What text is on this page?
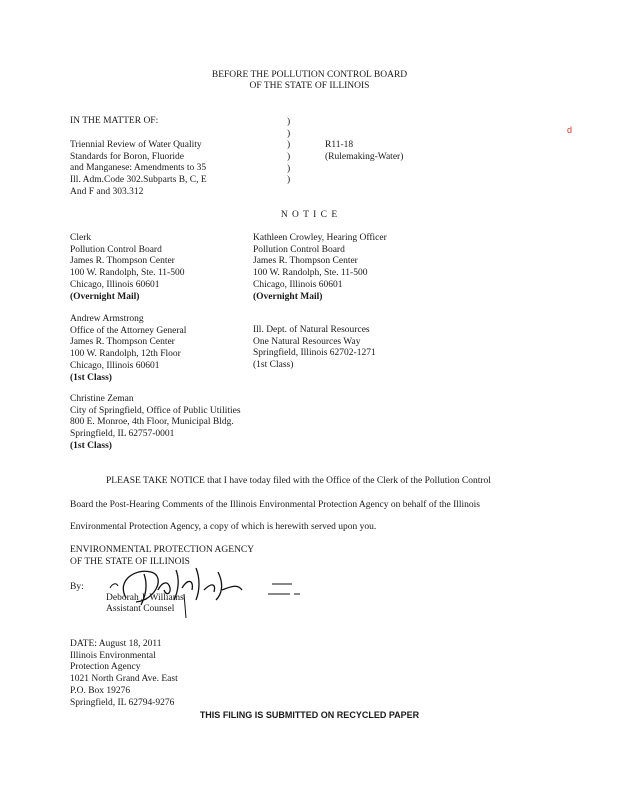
BEFORE THE POLLUTION CONTROL BOARD
OF THE STATE OF ILLINOIS
d
IN THE MATTER OF:
Triennial Review of Water Quality
Standards for Boron, Fluoride
and Manganese: Amendments to 35
Ill. Adm.Code 302.Subparts B, C, E
And F and 303.312
)
)
)
)
)
)
R11-18
(Rulemaking-Water)
N O T I C E
Clerk
Pollution Control Board
James R. Thompson Center
100 W. Randolph, Ste. 11-500
Chicago, Illinois 60601
(Overnight Mail)
Kathleen Crowley, Hearing Officer
Pollution Control Board
James R. Thompson Center
100 W. Randolph, Ste. 11-500
Chicago, Illinois 60601
(Overnight Mail)
Andrew Armstrong
Office of the Attorney General
James R. Thompson Center
100 W. Randolph, 12th Floor
Chicago, Illinois 60601
(1st Class)
Ill. Dept. of Natural Resources
One Natural Resources Way
Springfield, Illinois 62702-1271
(1st Class)
Christine Zeman
City of Springfield, Office of Public Utilities
800 E. Monroe, 4th Floor, Municipal Bldg.
Springfield, IL 62757-0001
(1st Class)
PLEASE TAKE NOTICE that I have today filed with the Office of the Clerk of the Pollution Control
Board the Post-Hearing Comments of the Illinois Environmental Protection Agency on behalf of the Illinois
Environmental Protection Agency, a copy of which is herewith served upon you.
ENVIRONMENTAL PROTECTION AGENCY
OF THE STATE OF ILLINOIS
By:
Deborah J. Williams
Assistant Counsel
DATE: August 18, 2011
Illinois Environmental
Protection Agency
1021 North Grand Ave. East
P.O. Box 19276
Springfield, IL 62794-9276
THIS FILING IS SUBMITTED ON RECYCLED PAPER
